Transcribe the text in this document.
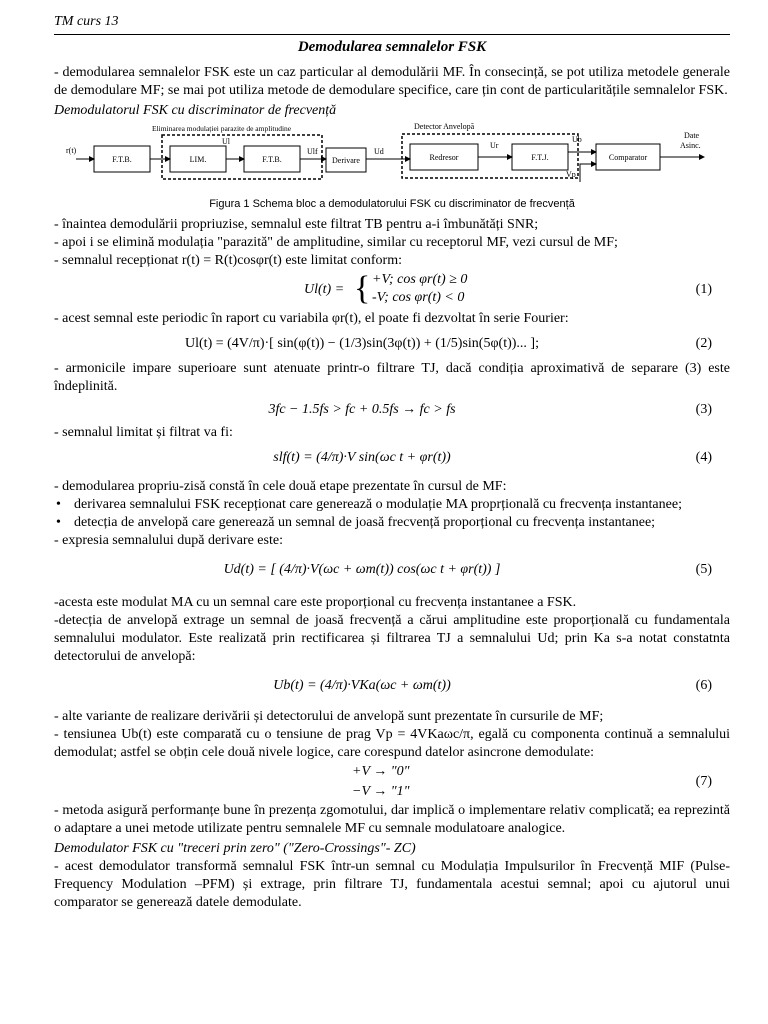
TM curs 13
Demodularea semnalelor FSK

- demodularea semnalelor FSK este un caz particular al demodulării MF. În consecință, se pot utiliza metodele generale de demodulare MF; se mai pot utiliza metode de demodulare specifice, care țin cont de particularitățile semnalelor FSK.

Demodulatorul FSK cu discriminator de frecvență

Eliminarea modulației parazite de amplitudine	Detector Anvelopă
r(t)
F.T.B.	LIM.
Ul
F.T.B.
Ulf
Derivare
Ud
Redresor
Ur
F.T.J.
Ub
Vp
Comparator
Date
Asinc.
Figura 1 Schema bloc a demodulatorului FSK cu discriminator de frecvență

- înaintea demodulării propriuzise, semnalul este filtrat TB pentru a-i îmbunătăți SNR;

- apoi i se elimină modulația "parazită" de amplitudine, similar cu receptorul MF, vezi cursul de MF;

- semnalul recepționat r(t) = R(t)cosφr(t) este limitat conform:

Ul(t) = { +V; cos φr(t) ≥ 0
-V; cos φr(t) < 0
(1)

- acest semnal este periodic în raport cu variabila φr(t), el poate fi dezvoltat în serie Fourier:

Ul(t) = (4V/π)·[ sin(φ(t)) − (1/3)sin(3φ(t)) + (1/5)sin(5φ(t))... ];	(2)

- armonicile impare superioare sunt atenuate printr-o filtrare TJ, dacă condiția aproximativă de separare (3) este îndeplinită.

3fc − 1.5fs > fc + 0.5fs → fc > fs	(3)

- semnalul limitat și filtrat va fi:

slf(t) = (4/π)·V sin(ωc t + φr(t))	(4)

- demodularea propriu-zisă constă în cele două etape prezentate în cursul de MF:

• derivarea semnalului FSK recepționat care generează o modulație MA proprțională cu frecvența instantanee;

• detecția de anvelopă care generează un semnal de joasă frecvență proporțional cu frecvența instantanee;

- expresia semnalului după derivare este:

Ud(t) = [ (4/π)·V(ωc + ωm(t)) cos(ωc t + φr(t)) ]	(5)

-acesta este modulat MA cu un semnal care este proporțional cu frecvența instantanee a FSK.

-detecția de anvelopă extrage un semnal de joasă frecvență a cărui amplitudine este proporțională cu fundamentala semnalului modulator. Este realizată prin rectificarea și filtrarea TJ a semnalului Ud; prin Ka s-a notat constatnta detectorului de anvelopă:

Ub(t) = (4/π)·VKa(ωc + ωm(t))	(6)

- alte variante de realizare derivării și detectorului de anvelopă sunt prezentate în cursurile de MF;

- tensiunea Ub(t) este comparată cu o tensiune de prag Vp = 4VKaωc/π, egală cu componenta continuă a semnalului demodulat; astfel se obțin cele două nivele logice, care corespund datelor asincrone demodulate:

+V → "0"
−V → "1"
(7)

- metoda asigură performanțe bune în prezența zgomotului, dar implică o implementare relativ complicată; ea reprezintă o adaptare a unei metode utilizate pentru semnalele MF cu semnale modulatoare analogice.

Demodulator FSK cu "treceri prin zero" ("Zero-Crossings"- ZC)

- acest demodulator transformă semnalul FSK într-un semnal cu Modulația Impulsurilor în Frecvență MIF (Pulse-Frequency Modulation –PFM) și extrage, prin filtrare TJ, fundamentala acestui semnal; apoi cu ajutorul unui comparator se generează datele demodulate.
